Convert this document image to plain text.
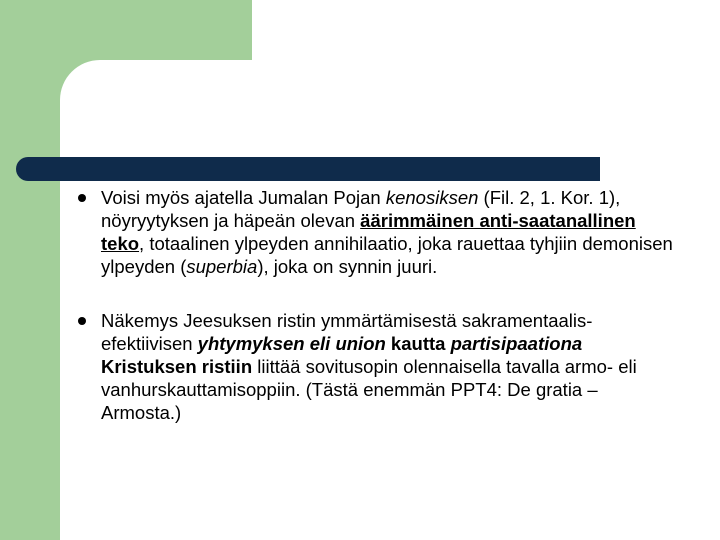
Voisi myös ajatella Jumalan Pojan kenosiksen (Fil. 2, 1. Kor. 1), nöyryytyksen ja häpeän olevan äärimmäinen anti-saatanallinen teko, totaalinen ylpeyden annihilaatio, joka rauettaa tyhjiin demonisen ylpeyden (superbia), joka on synnin juuri.
Näkemys Jeesuksen ristin ymmärtämisestä sakramentaalis-efektiivisen yhtymyksen eli union kautta partisipaationa Kristuksen ristiin liittää sovitusopin olennaisella tavalla armo- eli vanhurskauttamisoppiin. (Tästä enemmän PPT4: De gratia – Armosta.)
